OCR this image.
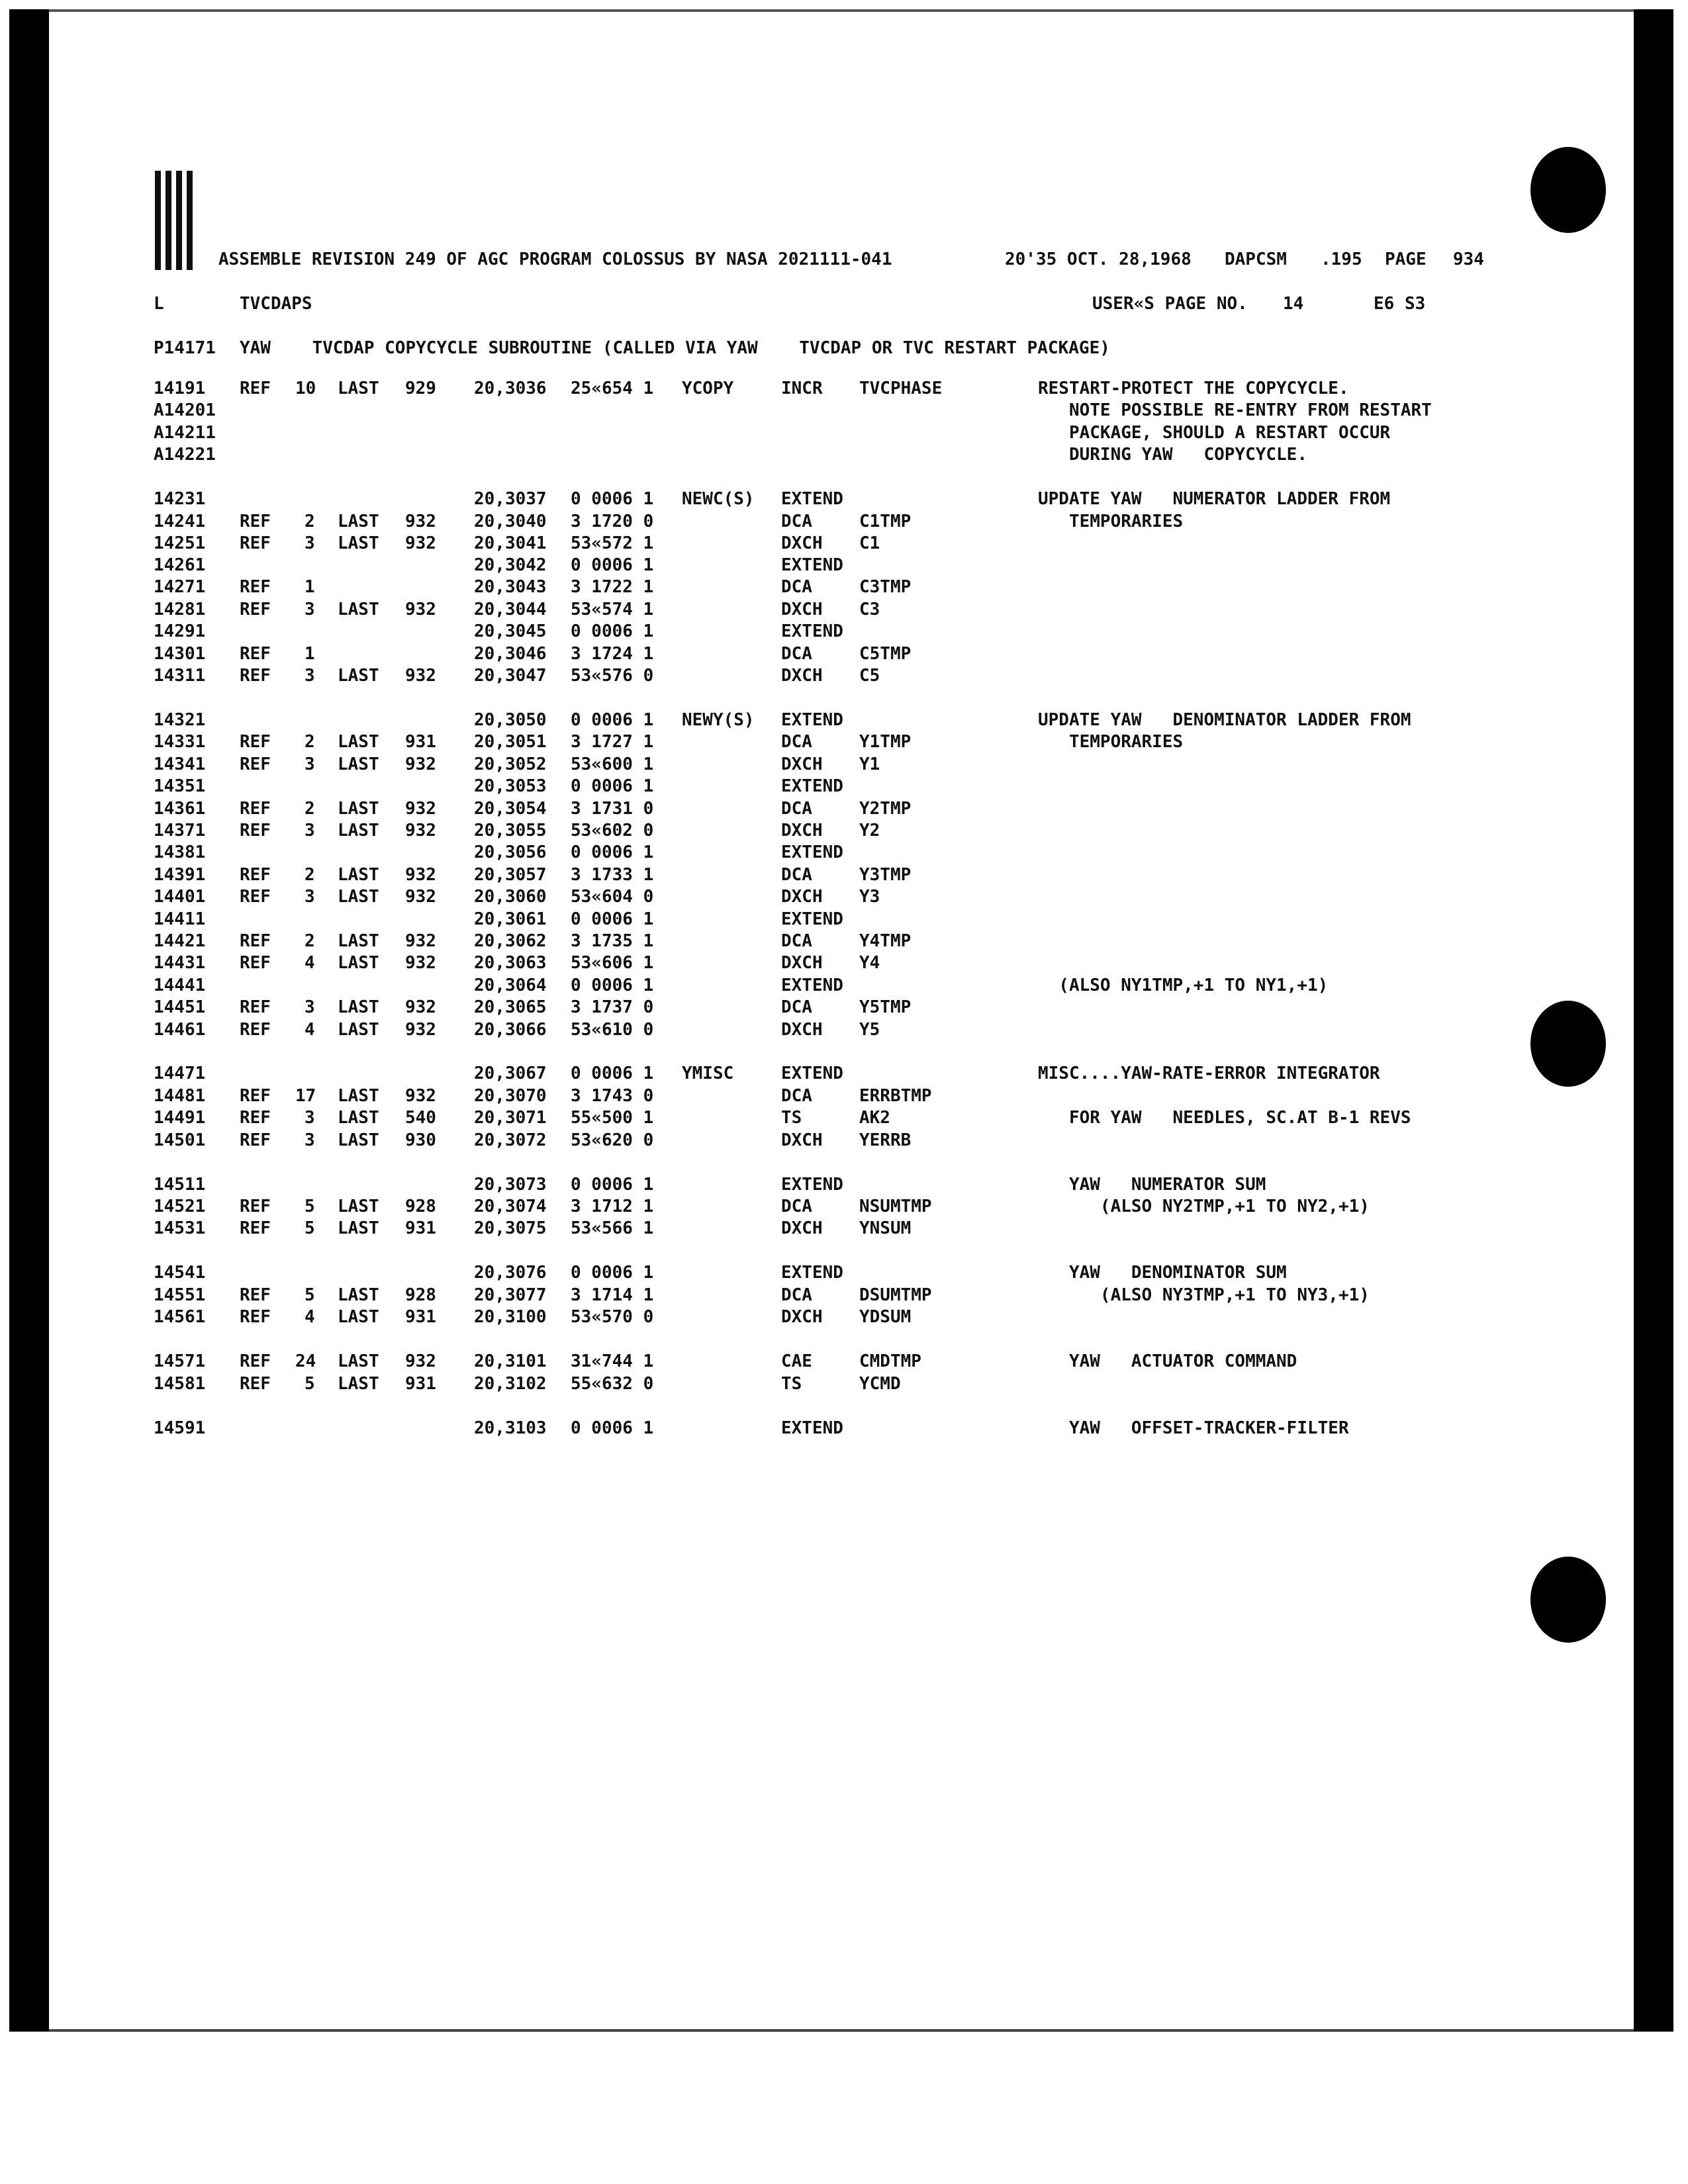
ASSEMBLE REVISION 249 OF AGC PROGRAM COLOSSUS BY NASA 2021111-041	20'35 OCT. 28,1968 DAPCSM .195 PAGE 934
L	TVCDAPS	USER«S PAGE NO. 14	E6 S3
P14171 YAW    TVCDAP COPYCYCLE SUBROUTINE (CALLED VIA YAW    TVCDAP OR TVC RESTART PACKAGE)
14191 REF 10 LAST 929 20,3036 25«654 1 YCOPY	INCR TVCPHASE	RESTART-PROTECT THE COPYCYCLE.
A14201	NOTE POSSIBLE RE-ENTRY FROM RESTART
A14211	PACKAGE, SHOULD A RESTART OCCUR
A14221	DURING YAW   COPYCYCLE.
14231	20,3037 0 0006 1 NEWC(S) EXTEND	UPDATE YAW   NUMERATOR LADDER FROM
14241 REF 2 LAST 932 20,3040 3 1720 0	DCA	C1TMP	TEMPORARIES
14251 REF 3 LAST 932 20,3041 53«572 1	DXCH C1
14261	20,3042 0 0006 1	EXTEND
14271 REF 1	20,3043 3 1722 1	DCA	C3TMP
14281 REF 3 LAST 932 20,3044 53«574 1	DXCH C3
14291	20,3045 0 0006 1	EXTEND
14301 REF 1	20,3046 3 1724 1	DCA	C5TMP
14311 REF 3 LAST 932 20,3047 53«576 0	DXCH C5
14321	20,3050 0 0006 1 NEWY(S) EXTEND	UPDATE YAW   DENOMINATOR LADDER FROM
14331 REF 2 LAST 931 20,3051 3 1727 1	DCA	Y1TMP	TEMPORARIES
14341 REF 3 LAST 932 20,3052 53«600 1	DXCH Y1
14351	20,3053 0 0006 1	EXTEND
14361 REF 2 LAST 932 20,3054 3 1731 0	DCA	Y2TMP
14371 REF 3 LAST 932 20,3055 53«602 0	DXCH Y2
14381	20,3056 0 0006 1	EXTEND
14391 REF 2 LAST 932 20,3057 3 1733 1	DCA	Y3TMP
14401 REF 3 LAST 932 20,3060 53«604 0	DXCH Y3
14411	20,3061 0 0006 1	EXTEND
14421 REF 2 LAST 932 20,3062 3 1735 1	DCA	Y4TMP
14431 REF 4 LAST 932 20,3063 53«606 1	DXCH Y4
14441	20,3064 0 0006 1	EXTEND	(ALSO NY1TMP,+1 TO NY1,+1)
14451 REF 3 LAST 932 20,3065 3 1737 0	DCA	Y5TMP
14461 REF 4 LAST 932 20,3066 53«610 0	DXCH Y5
14471	20,3067 0 0006 1 YMISC	EXTEND	MISC....YAW-RATE-ERROR INTEGRATOR
14481 REF 17 LAST 932 20,3070 3 1743 0	DCA	ERRBTMP
14491 REF 3 LAST 540 20,3071 55«500 1	TS	AK2	FOR YAW   NEEDLES, SC.AT B-1 REVS
14501 REF 3 LAST 930 20,3072 53«620 0	DXCH YERRB
14511	20,3073 0 0006 1	EXTEND	YAW   NUMERATOR SUM
14521 REF 5 LAST 928 20,3074 3 1712 1	DCA	NSUMTMP	(ALSO NY2TMP,+1 TO NY2,+1)
14531 REF 5 LAST 931 20,3075 53«566 1	DXCH YNSUM
14541	20,3076 0 0006 1	EXTEND	YAW   DENOMINATOR SUM
14551 REF 5 LAST 928 20,3077 3 1714 1	DCA	DSUMTMP	(ALSO NY3TMP,+1 TO NY3,+1)
14561 REF 4 LAST 931 20,3100 53«570 0	DXCH YDSUM
14571 REF 24 LAST 932 20,3101 31«744 1	CAE	CMDTMP	YAW   ACTUATOR COMMAND
14581 REF 5 LAST 931 20,3102 55«632 0	TS	YCMD
14591	20,3103 0 0006 1	EXTEND	YAW   OFFSET-TRACKER-FILTER
